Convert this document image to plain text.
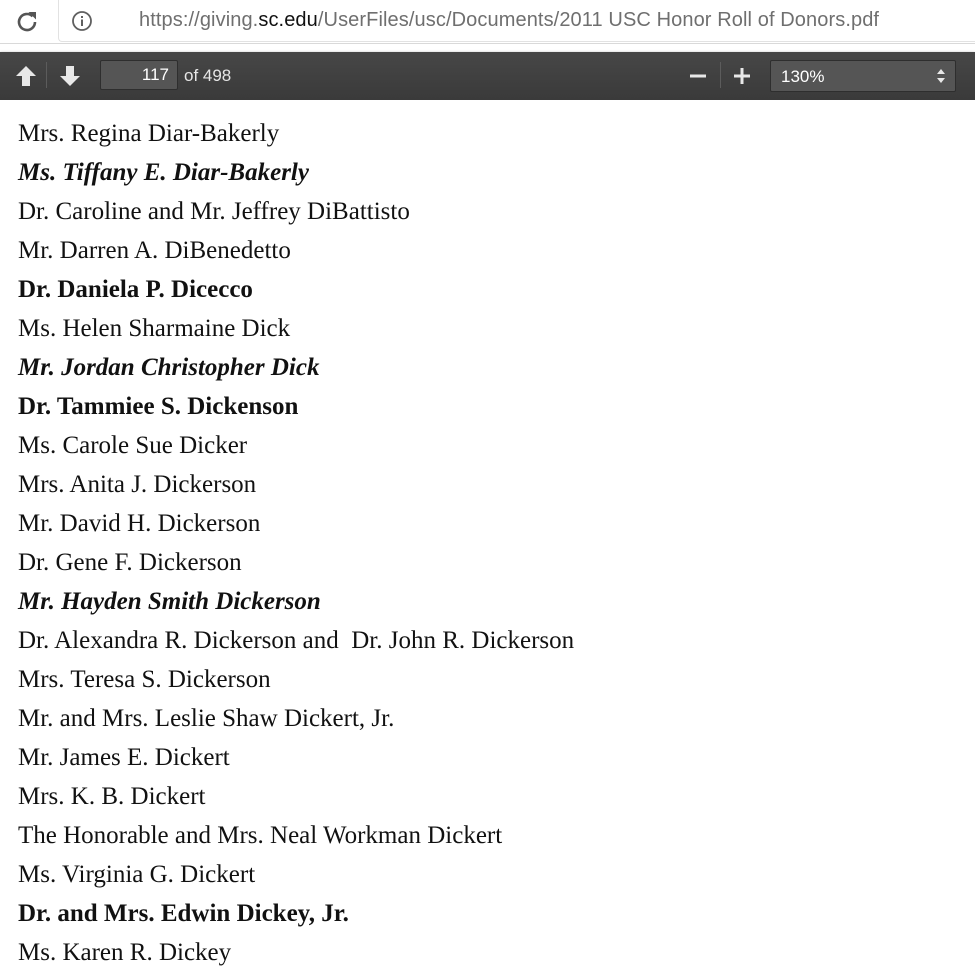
https://giving.sc.edu/UserFiles/usc/Documents/2011 USC Honor Roll of Donors.pdf
117
of 498	130%
Mrs. Regina Diar-Bakerly
Ms. Tiffany E. Diar-Bakerly
Dr. Caroline and Mr. Jeffrey DiBattisto
Mr. Darren A. DiBenedetto
Dr. Daniela P. Dicecco
Ms. Helen Sharmaine Dick
Mr. Jordan Christopher Dick
Dr. Tammiee S. Dickenson
Ms. Carole Sue Dicker
Mrs. Anita J. Dickerson
Mr. David H. Dickerson
Dr. Gene F. Dickerson
Mr. Hayden Smith Dickerson
Dr. Alexandra R. Dickerson and  Dr. John R. Dickerson
Mrs. Teresa S. Dickerson
Mr. and Mrs. Leslie Shaw Dickert, Jr.
Mr. James E. Dickert
Mrs. K. B. Dickert
The Honorable and Mrs. Neal Workman Dickert
Ms. Virginia G. Dickert
Dr. and Mrs. Edwin Dickey, Jr.
Ms. Karen R. Dickey
